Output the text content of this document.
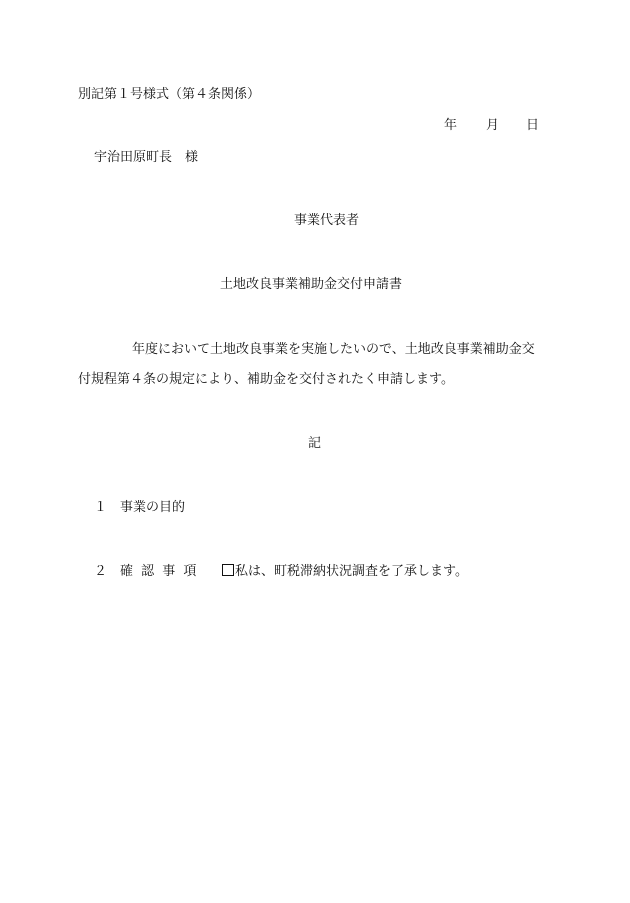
別記第１号様式（第４条関係）
年 月 日
宇治田原町長　様
事業代表者
土地改良事業補助金交付申請書
年度において土地改良事業を実施したいので、土地改良事業補助金交
付規程第４条の規定により、補助金を交付されたく申請します。
記
１ 事業の目的
２ 確 認 事 項	私は、町税滞納状況調査を了承します。
